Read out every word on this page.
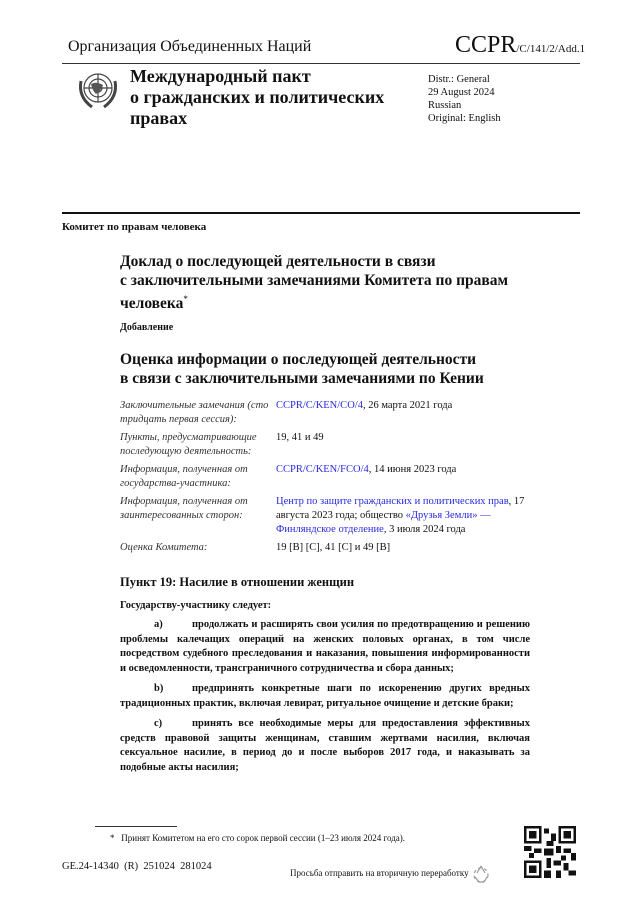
Организация Объединенных Наций	CCPR/C/141/2/Add.1
Международный пакт
о гражданских и политических
правах
Distr.: General
29 August 2024
Russian
Original: English
Комитет по правам человека
Доклад о последующей деятельности в связи
с заключительными замечаниями Комитета по правам
человека*
Добавление
Оценка информации о последующей деятельности
в связи с заключительными замечаниями по Кении
Заключительные замечания (сто тридцать первая сессия):
CCPR/C/KEN/CO/4, 26 марта 2021 года
Пункты, предусматривающие последующую деятельность:
19, 41 и 49
Информация, полученная от государства-участника:
CCPR/C/KEN/FCO/4, 14 июня 2023 года
Информация, полученная от заинтересованных сторон:
Центр по защите гражданских и политических прав, 17 августа 2023 года; общество «Друзья Земли» — Финляндское отделение, 3 июля 2024 года
Оценка Комитета:	19 [B] [C], 41 [C] и 49 [B]
Пункт 19: Насилие в отношении женщин
Государству-участнику следует:
a)	продолжать и расширять свои усилия по предотвращению и решению проблемы калечащих операций на женских половых органах, в том числе посредством судебного преследования и наказания, повышения информированности и осведомленности, трансграничного сотрудничества и сбора данных;
b)	предпринять конкретные шаги по искоренению других вредных традиционных практик, включая левират, ритуальное очищение и детские браки;
c)	принять все необходимые меры для предоставления эффективных средств правовой защиты женщинам, ставшим жертвами насилия, включая сексуальное насилие, в период до и после выборов 2017 года, и наказывать за подобные акты насилия;
*   Принят Комитетом на его сто сорок первой сессии (1–23 июля 2024 года).
GE.24-14340  (R)  251024  281024
Просьба отправить на вторичную переработку
